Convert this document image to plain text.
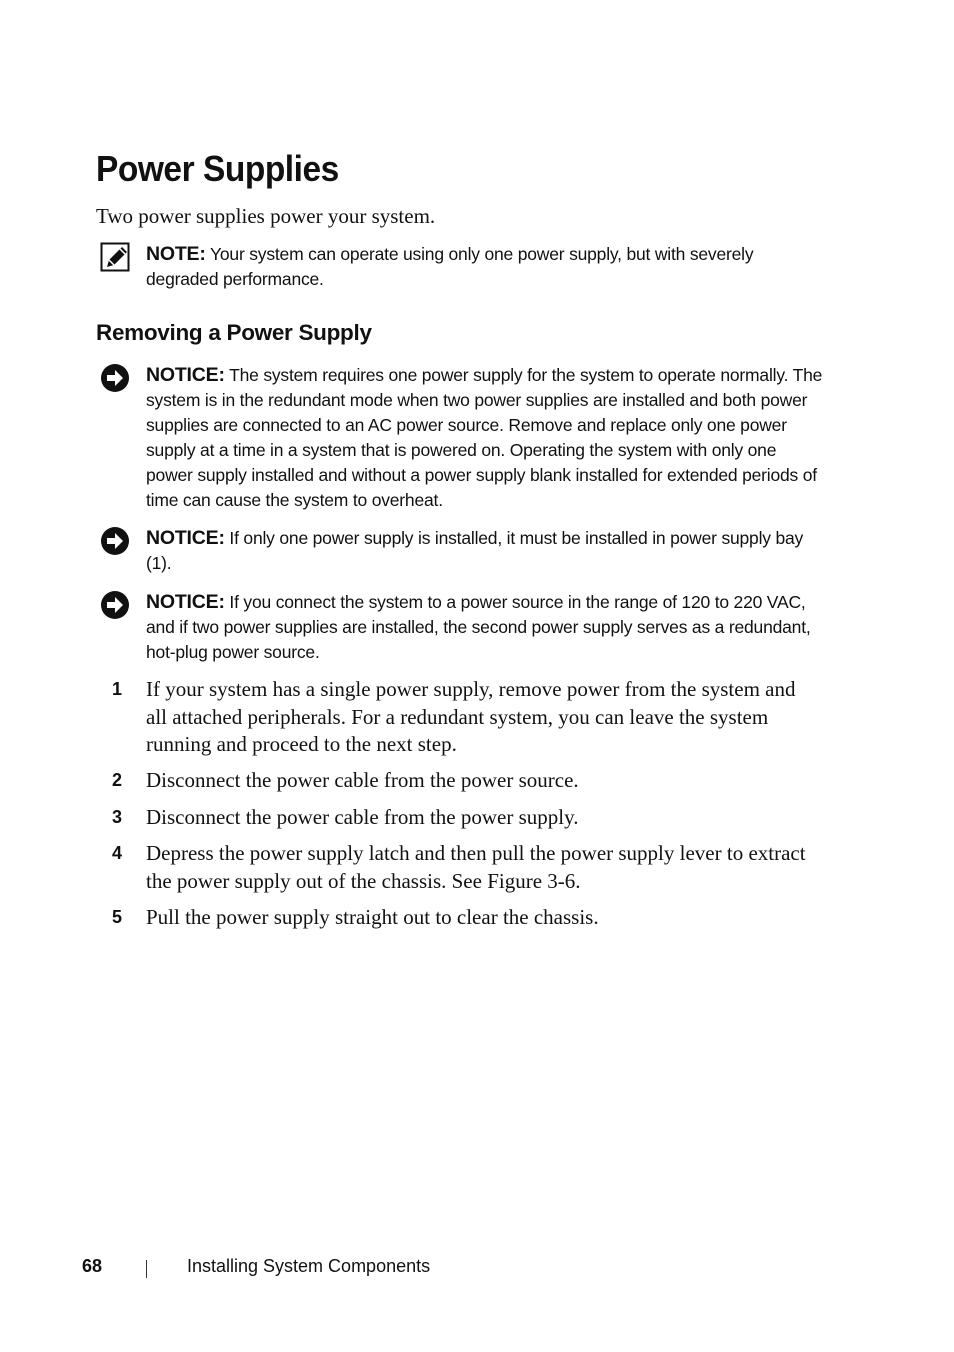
Power Supplies

Two power supplies power your system.

NOTE: Your system can operate using only one power supply, but with severely degraded performance.
Removing a Power Supply
NOTICE: The system requires one power supply for the system to operate normally. The system is in the redundant mode when two power supplies are installed and both power supplies are connected to an AC power source. Remove and replace only one power supply at a time in a system that is powered on. Operating the system with only one power supply installed and without a power supply blank installed for extended periods of time can cause the system to overheat.
NOTICE: If only one power supply is installed, it must be installed in power supply bay (1).
NOTICE: If you connect the system to a power source in the range of 120 to 220 VAC, and if two power supplies are installed, the second power supply serves as a redundant, hot-plug power source.
1 If your system has a single power supply, remove power from the system and all attached peripherals. For a redundant system, you can leave the system running and proceed to the next step.
2 Disconnect the power cable from the power source.
3 Disconnect the power cable from the power supply.
4 Depress the power supply latch and then pull the power supply lever to extract the power supply out of the chassis. See Figure 3-6.
5 Pull the power supply straight out to clear the chassis.
68	Installing System Components
